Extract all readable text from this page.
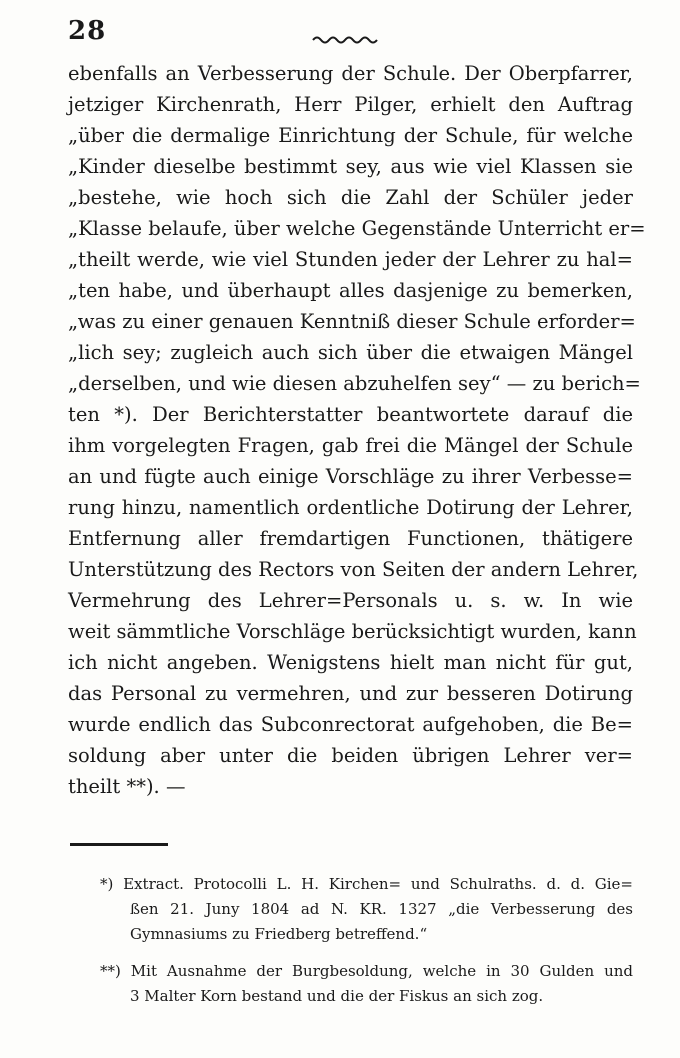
28
ebenfalls an Verbesserung der Schule. Der Oberpfarrer,
jetziger Kirchenrath, Herr Pilger, erhielt den Auftrag
„über die dermalige Einrichtung der Schule, für welche
„Kinder dieselbe bestimmt sey, aus wie viel Klassen sie
„bestehe, wie hoch sich die Zahl der Schüler jeder
„Klasse belaufe, über welche Gegenstände Unterricht er=
„theilt werde, wie viel Stunden jeder der Lehrer zu hal=
„ten habe, und überhaupt alles dasjenige zu bemerken,
„was zu einer genauen Kenntniß dieser Schule erforder=
„lich sey; zugleich auch sich über die etwaigen Mängel
„derselben, und wie diesen abzuhelfen sey“ — zu berich=
ten *). Der Berichterstatter beantwortete darauf die
ihm vorgelegten Fragen, gab frei die Mängel der Schule
an und fügte auch einige Vorschläge zu ihrer Verbesse=
rung hinzu, namentlich ordentliche Dotirung der Lehrer,
Entfernung aller fremdartigen Functionen, thätigere
Unterstützung des Rectors von Seiten der andern Lehrer,
Vermehrung des Lehrer=Personals u. s. w. In wie
weit sämmtliche Vorschläge berücksichtigt wurden, kann
ich nicht angeben. Wenigstens hielt man nicht für gut,
das Personal zu vermehren, und zur besseren Dotirung
wurde endlich das Subconrectorat aufgehoben, die Be=
soldung aber unter die beiden übrigen Lehrer ver=
theilt **). —
*) Extract. Protocolli L. H. Kirchen= und Schulraths. d. d. Gie=
ßen 21. Juny 1804 ad N. KR. 1327 „die Verbesserung des
Gymnasiums zu Friedberg betreffend.“
**) Mit Ausnahme der Burgbesoldung, welche in 30 Gulden und
3 Malter Korn bestand und die der Fiskus an sich zog.
